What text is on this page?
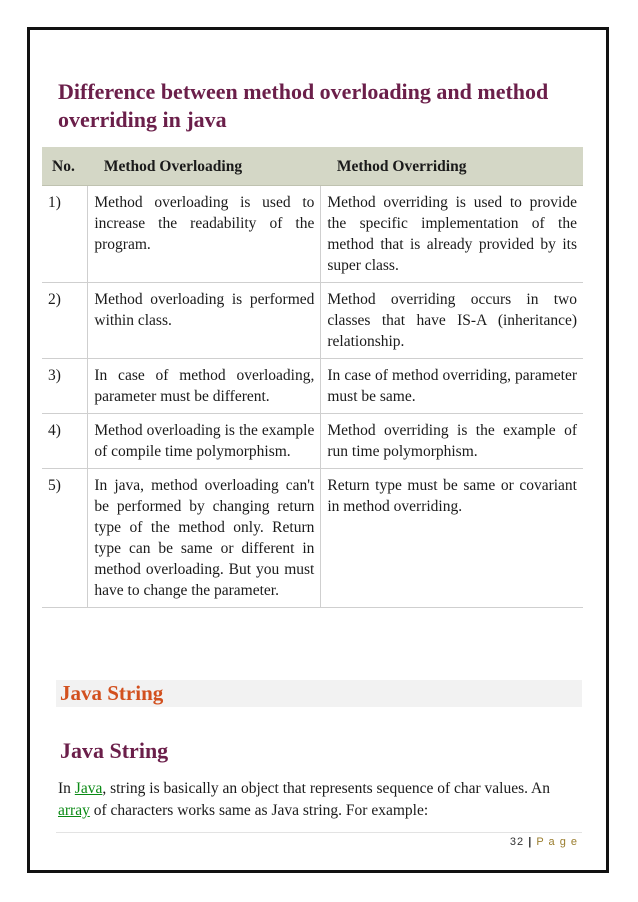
Difference between method overloading and method overriding in java
No.	Method Overloading	Method Overriding
1)	Method overloading is used to increase the readability of the program.	Method overriding is used to provide the specific implementation of the method that is already provided by its super class.
2)	Method overloading is performed within class.	Method overriding occurs in two classes that have IS-A (inheritance) relationship.
3)	In case of method overloading, parameter must be different.	In case of method overriding, parameter must be same.
4)	Method overloading is the example of compile time polymorphism.	Method overriding is the example of run time polymorphism.
5)	In java, method overloading can't be performed by changing return type of the method only. Return type can be same or different in method overloading. But you must have to change the parameter.	Return type must be same or covariant in method overriding.
Java String
Java String

In Java, string is basically an object that represents sequence of char values. An array of characters works same as Java string. For example:

32 | P a g e
